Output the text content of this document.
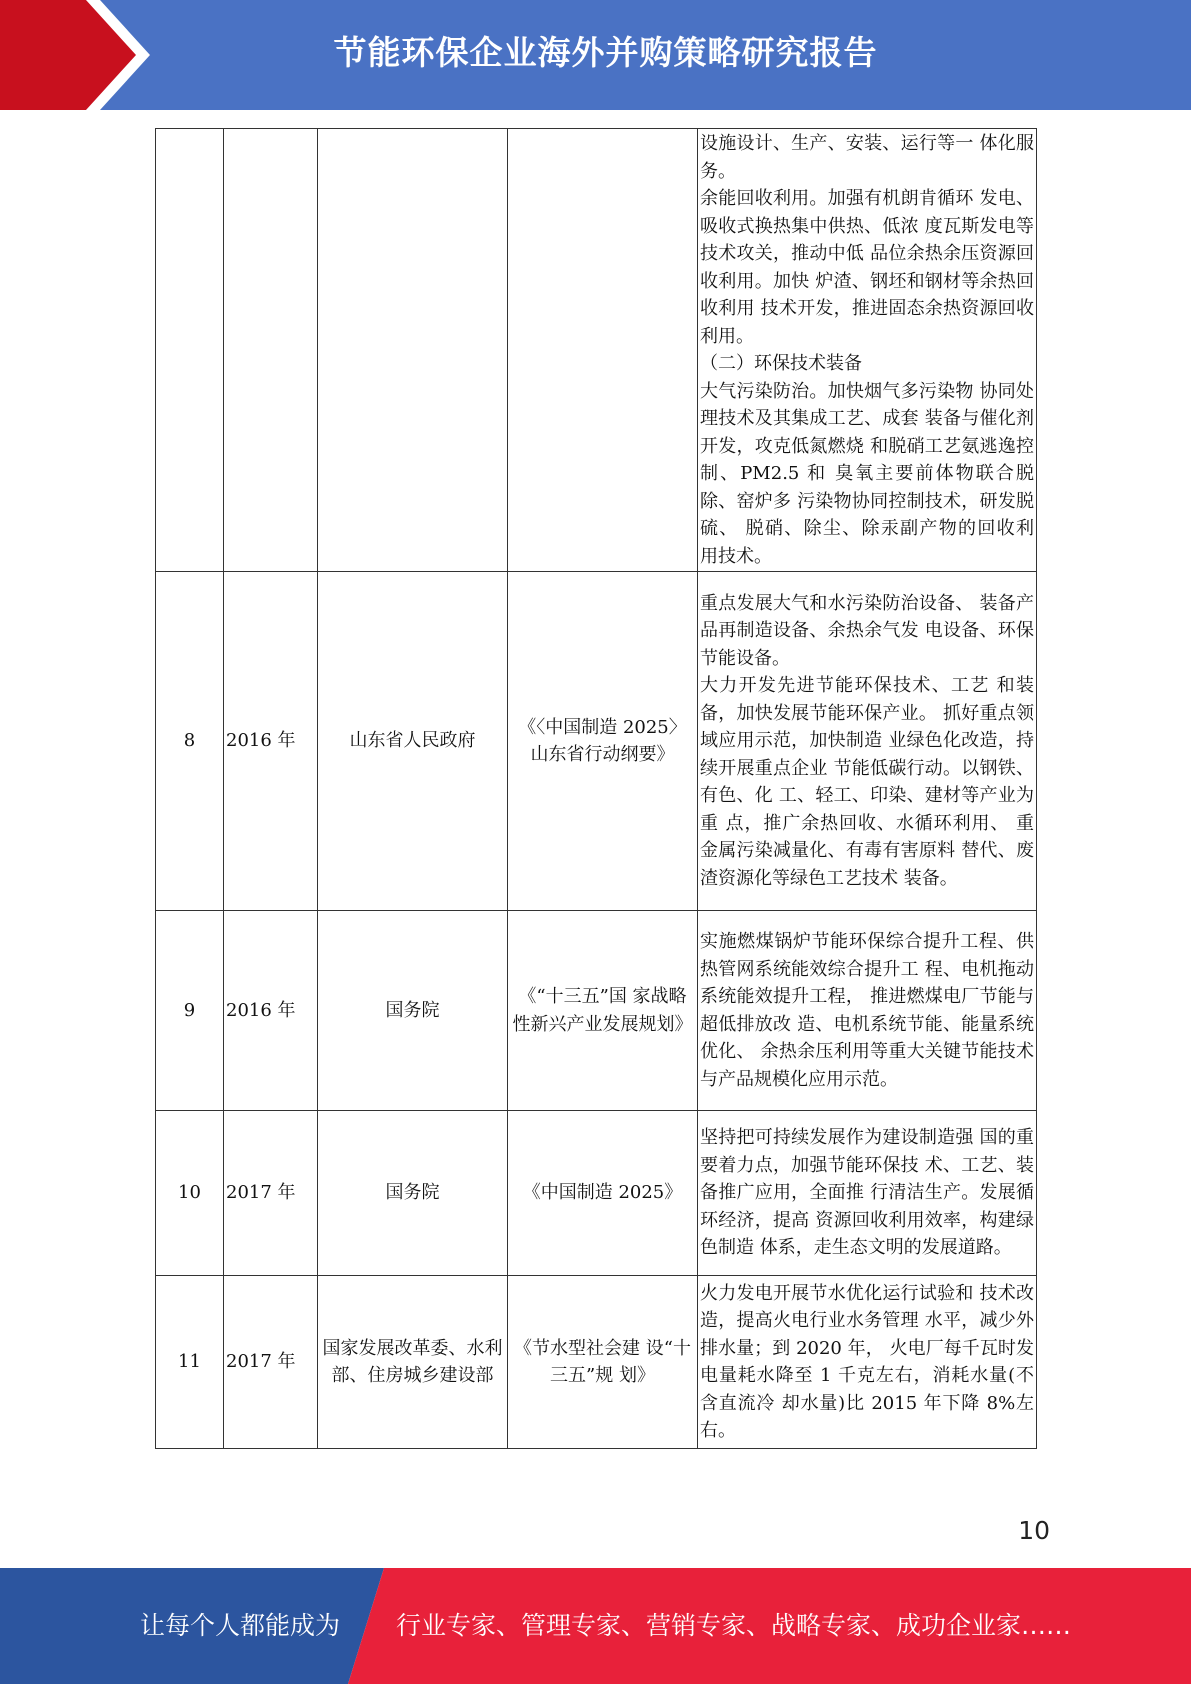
节能环保企业海外并购策略研究报告

				设施设计、生产、安装、运行等一 体化服务。
余能回收利用。加强有机朗肯循环 发电、吸收式换热集中供热、低浓 度瓦斯发电等技术攻关，推动中低 品位余热余压资源回收利用。加快 炉渣、钢坯和钢材等余热回收利用 技术开发，推进固态余热资源回收 利用。
（二）环保技术装备
大气污染防治。加快烟气多污染物 协同处理技术及其集成工艺、成套 装备与催化剂开发，攻克低氮燃烧 和脱硝工艺氨逃逸控制、PM2.5 和 臭氧主要前体物联合脱除、窑炉多 污染物协同控制技术，研发脱硫、 脱硝、除尘、除汞副产物的回收利 用技术。

8	2016 年	山东省人民政府	《〈中国制造 2025〉山东省行动纲要》	重点发展大气和水污染防治设备、 装备产品再制造设备、余热余气发 电设备、环保节能设备。
大力开发先进节能环保技术、工艺 和装备，加快发展节能环保产业。 抓好重点领域应用示范，加快制造 业绿色化改造，持续开展重点企业 节能低碳行动。以钢铁、有色、化 工、轻工、印染、建材等产业为重 点，推广余热回收、水循环利用、 重金属污染减量化、有毒有害原料 替代、废渣资源化等绿色工艺技术 装备。

9	2016 年	国务院	《“十三五”国 家战略性新兴产业发展规划》	实施燃煤锅炉节能环保综合提升工程、供热管网系统能效综合提升工 程、电机拖动系统能效提升工程， 推进燃煤电厂节能与超低排放改 造、电机系统节能、能量系统优化、 余热余压利用等重大关键节能技术 与产品规模化应用示范。

10	2017 年	国务院	《中国制造 2025》	坚持把可持续发展作为建设制造强 国的重要着力点，加强节能环保技 术、工艺、装备推广应用，全面推 行清洁生产。发展循环经济，提高 资源回收利用效率，构建绿色制造 体系，走生态文明的发展道路。

11	2017 年	国家发展改革委、水利部、住房城乡建设部	《节水型社会建 设“十三五”规 划》	火力发电开展节水优化运行试验和 技术改造，提高火电行业水务管理 水平，减少外排水量；到 2020 年， 火电厂每千瓦时发电量耗水降至 1 千克左右，消耗水量(不含直流冷 却水量)比 2015 年下降 8%左右。
10
让每个人都能成为 行业专家、管理专家、营销专家、战略专家、成功企业家……
